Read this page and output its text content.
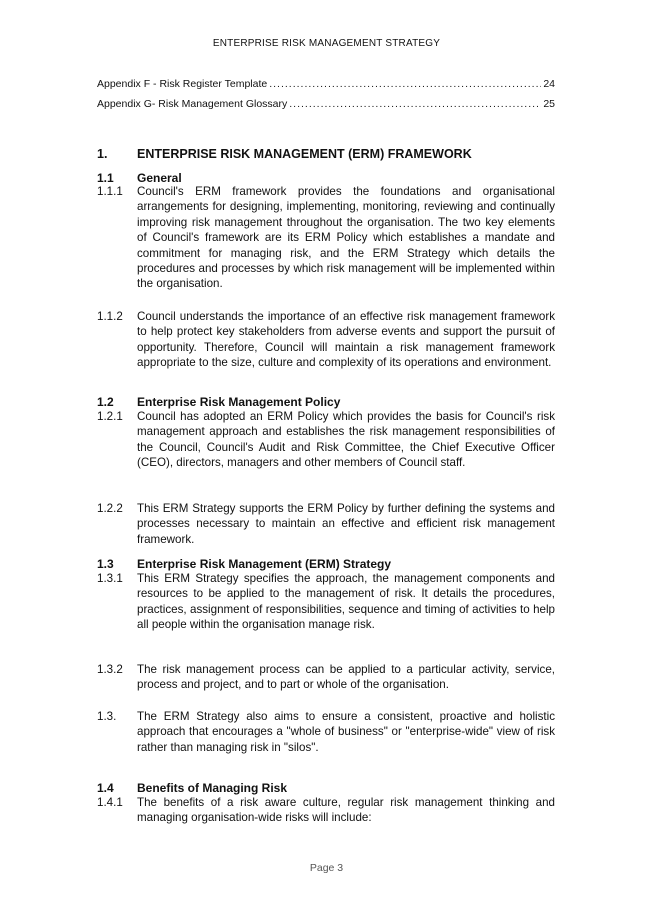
ENTERPRISE RISK MANAGEMENT STRATEGY
Appendix F - Risk Register Template .....	24
Appendix G- Risk Management Glossary .....	25
1. ENTERPRISE RISK MANAGEMENT (ERM) FRAMEWORK
1.1 General
1.1.1 Council's ERM framework provides the foundations and organisational arrangements for designing, implementing, monitoring, reviewing and continually improving risk management throughout the organisation. The two key elements of Council's framework are its ERM Policy which establishes a mandate and commitment for managing risk, and the ERM Strategy which details the procedures and processes by which risk management will be implemented within the organisation.
1.1.2 Council understands the importance of an effective risk management framework to help protect key stakeholders from adverse events and support the pursuit of opportunity. Therefore, Council will maintain a risk management framework appropriate to the size, culture and complexity of its operations and environment.
1.2 Enterprise Risk Management Policy
1.2.1 Council has adopted an ERM Policy which provides the basis for Council's risk management approach and establishes the risk management responsibilities of the Council, Council's Audit and Risk Committee, the Chief Executive Officer (CEO), directors, managers and other members of Council staff.
1.2.2 This ERM Strategy supports the ERM Policy by further defining the systems and processes necessary to maintain an effective and efficient risk management framework.
1.3 Enterprise Risk Management (ERM) Strategy
1.3.1 This ERM Strategy specifies the approach, the management components and resources to be applied to the management of risk. It details the procedures, practices, assignment of responsibilities, sequence and timing of activities to help all people within the organisation manage risk.
1.3.2 The risk management process can be applied to a particular activity, service, process and project, and to part or whole of the organisation.
1.3. The ERM Strategy also aims to ensure a consistent, proactive and holistic approach that encourages a "whole of business" or "enterprise-wide" view of risk rather than managing risk in "silos".
1.4 Benefits of Managing Risk
1.4.1 The benefits of a risk aware culture, regular risk management thinking and managing organisation-wide risks will include:
Page 3
